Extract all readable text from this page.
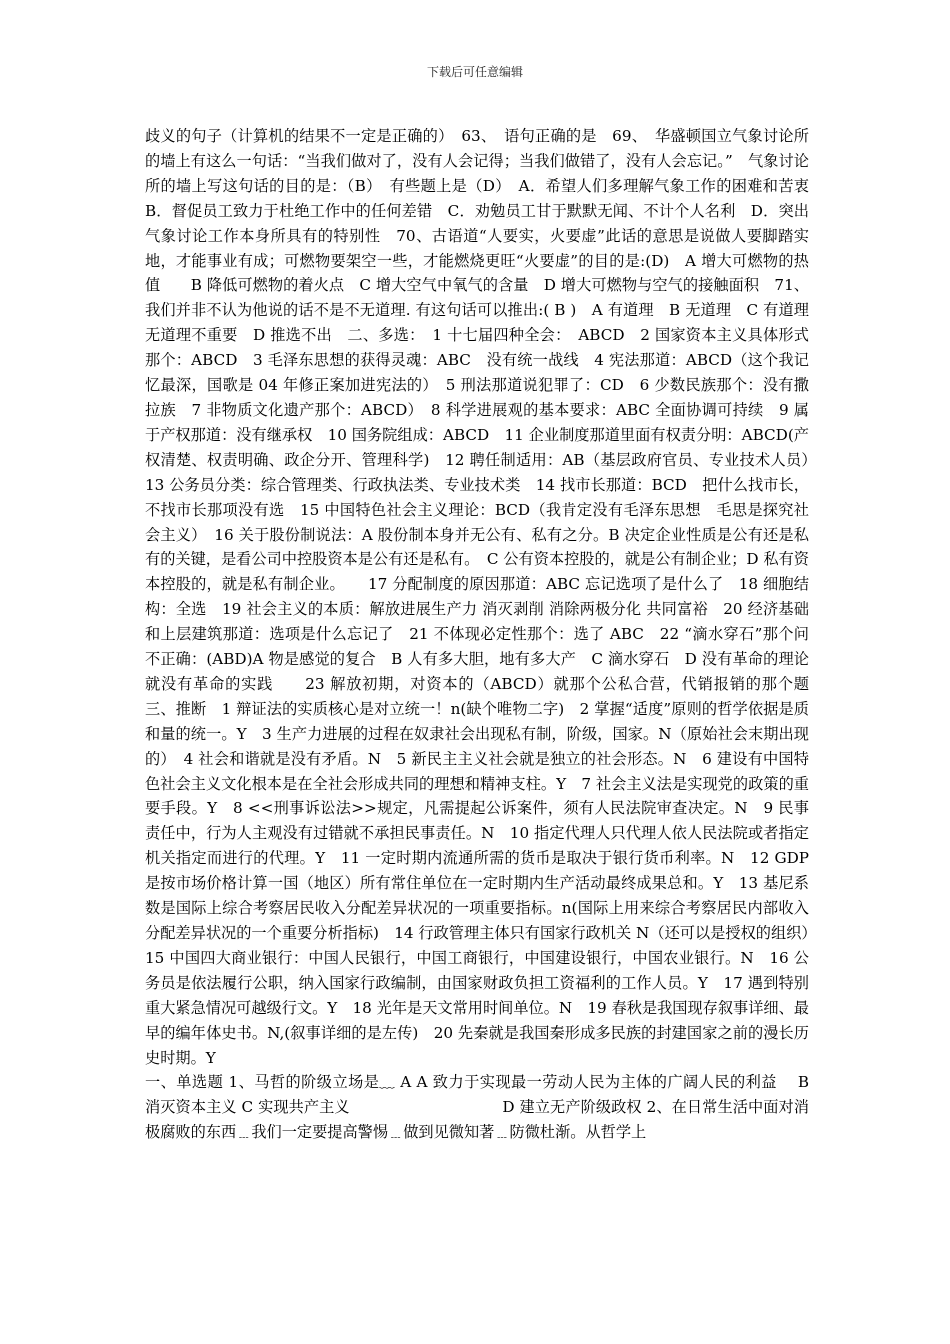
下载后可任意编辑

歧义的句子（计算机的结果不一定是正确的）　63、　语句正确的是　69、　华盛顿国立气象讨论所的墙上有这么一句话：“当我们做对了，没有人会记得；当我们做错了，没有人会忘记。”　气象讨论所的墙上写这句话的目的是：（B）　有些题上是（D）　A．希望人们多理解气象工作的困难和苦衷　B．督促员工致力于杜绝工作中的任何差错　C．劝勉员工甘于默默无闻、不计个人名利　D．突出气象讨论工作本身所具有的特别性　70、古语道“人要实，火要虚”此话的意思是说做人要脚踏实地，才能事业有成；可燃物要架空一些，才能燃烧更旺“火要虚”的目的是:(D)　A 增大可燃物的热值　　B 降低可燃物的着火点　C 增大空气中氧气的含量　D 增大可燃物与空气的接触面积　71、我们并非不认为他说的话不是不无道理. 有这句话可以推出:( B )　A 有道理　B 无道理　C 有道理无道理不重要　D 推选不出　二、多选：　1 十七届四种全会：　ABCD　2 国家资本主义具体形式那个：ABCD　3 毛泽东思想的获得灵魂：ABC　没有统一战线　4 宪法那道：ABCD（这个我记忆最深，国歌是 04 年修正案加进宪法的）　5 刑法那道说犯罪了：CD　6 少数民族那个：没有撒拉族　7 非物质文化遗产那个：ABCD）　8 科学进展观的基本要求：ABC 全面协调可持续　9 属于产权那道：没有继承权　10 国务院组成：ABCD　11 企业制度那道里面有权责分明：ABCD(产权清楚、权责明确、政企分开、管理科学)　12 聘任制适用：AB（基层政府官员、专业技术人员）　13 公务员分类：综合管理类、行政执法类、专业技术类　14 找市长那道：BCD　把什么找市长，不找市长那项没有选　15 中国特色社会主义理论：BCD（我肯定没有毛泽东思想　毛思是探究社会主义）　16 关于股份制说法：A 股份制本身并无公有、私有之分。B 决定企业性质是公有还是私有的关键，是看公司中控股资本是公有还是私有。　C 公有资本控股的，就是公有制企业；D 私有资本控股的，就是私有制企业。　　17 分配制度的原因那道：ABC 忘记选项了是什么了　18 细胞结构：全选　19 社会主义的本质：解放进展生产力 消灭剥削 消除两极分化 共同富裕　20 经济基础和上层建筑那道：选项是什么忘记了　21 不体现必定性那个：选了 ABC　22 “滴水穿石”那个问不正确：(ABD)A 物是感觉的复合　B 人有多大胆，地有多大产　C 滴水穿石　D 没有革命的理论就没有革命的实践　　23 解放初期，对资本的（ABCD）就那个公私合营，代销报销的那个题　三、推断　1 辩证法的实质核心是对立统一！n(缺个唯物二字)　2 掌握“适度”原则的哲学依据是质和量的统一。Y　3 生产力进展的过程在奴隶社会出现私有制，阶级，国家。N（原始社会末期出现的）　4 社会和谐就是没有矛盾。N　5 新民主主义社会就是独立的社会形态。N　6 建设有中国特色社会主义文化根本是在全社会形成共同的理想和精神支柱。Y　7 社会主义法是实现党的政策的重要手段。Y　8 <<刑事诉讼法>>规定，凡需提起公诉案件，须有人民法院审查决定。N　9 民事责任中，行为人主观没有过错就不承担民事责任。N　10 指定代理人只代理人依人民法院或者指定机关指定而进行的代理。Y　11 一定时期内流通所需的货币是取决于银行货币利率。N　12 GDP 是按市场价格计算一国（地区）所有常住单位在一定时期内生产活动最终成果总和。Y　13 基尼系数是国际上综合考察居民收入分配差异状况的一项重要指标。n(国际上用来综合考察居民内部收入分配差异状况的一个重要分析指标)　14 行政管理主体只有国家行政机关 N（还可以是授权的组织）　15 中国四大商业银行：中国人民银行，中国工商银行，中国建设银行，中国农业银行。N　16 公务员是依法履行公职，纳入国家行政编制，由国家财政负担工资福利的工作人员。Y　17 遇到特别重大紧急情况可越级行文。Y　18 光年是天文常用时间单位。N　19 春秋是我国现存叙事详细、最早的编年体史书。N,(叙事详细的是左传)　20 先秦就是我国秦形成多民族的封建国家之前的漫长历史时期。Y

一、单选题 1、马哲的阶级立场是﹏ A A 致力于实现最一劳动人民为主体的广阔人民的利益　 B 消灭资本主义 C 实现共产主义　　　　　　　　　　D 建立无产阶级政权 2、在日常生活中面对消极腐败的东西﹍我们一定要提高警惕﹍做到见微知著﹍防微杜渐。从哲学上
